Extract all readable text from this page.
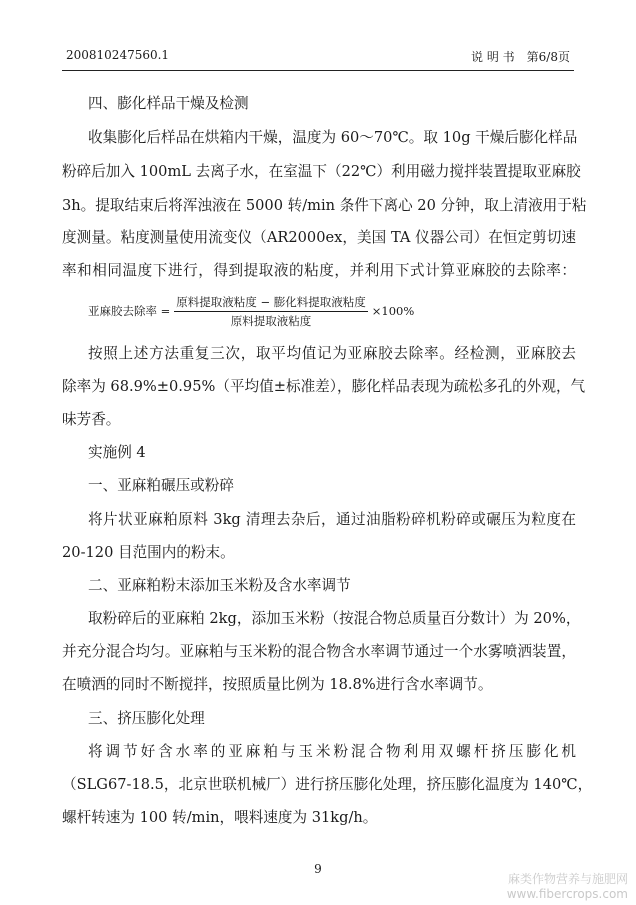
200810247560.1	说 明 书 第6/8页
四、膨化样品干燥及检测
收集膨化后样品在烘箱内干燥，温度为 60～70℃。取 10g 干燥后膨化样品
粉碎后加入 100mL 去离子水，在室温下（22℃）利用磁力搅拌装置提取亚麻胶
3h。提取结束后将浑浊液在 5000 转/min 条件下离心 20 分钟，取上清液用于粘
度测量。粘度测量使用流变仪（AR2000ex，美国 TA 仪器公司）在恒定剪切速
率和相同温度下进行，得到提取液的粘度，并利用下式计算亚麻胶的去除率：
亚麻胶去除率 = $\frac{\text{原料提取液粘度 − 膨化料提取液粘度}}{\text{原料提取液粘度}} \times 100\%$
按照上述方法重复三次，取平均值记为亚麻胶去除率。经检测，亚麻胶去
除率为 68.9%±0.95%（平均值±标准差），膨化样品表现为疏松多孔的外观，气
味芳香。
实施例 4
一、亚麻粕碾压或粉碎
将片状亚麻粕原料 3kg 清理去杂后，通过油脂粉碎机粉碎或碾压为粒度在
20-120 目范围内的粉末。
二、亚麻粕粉末添加玉米粉及含水率调节
取粉碎后的亚麻粕 2kg，添加玉米粉（按混合物总质量百分数计）为 20%，
并充分混合均匀。亚麻粕与玉米粉的混合物含水率调节通过一个水雾喷洒装置，
在喷洒的同时不断搅拌，按照质量比例为 18.8%进行含水率调节。
三、挤压膨化处理
将调节好含水率的亚麻粕与玉米粉混合物利用双螺杆挤压膨化机
（SLG67-18.5，北京世联机械厂）进行挤压膨化处理，挤压膨化温度为 140℃，
螺杆转速为 100 转/min，喂料速度为 31kg/h。
9
麻类作物营养与施肥网
www.fibercrops.com
